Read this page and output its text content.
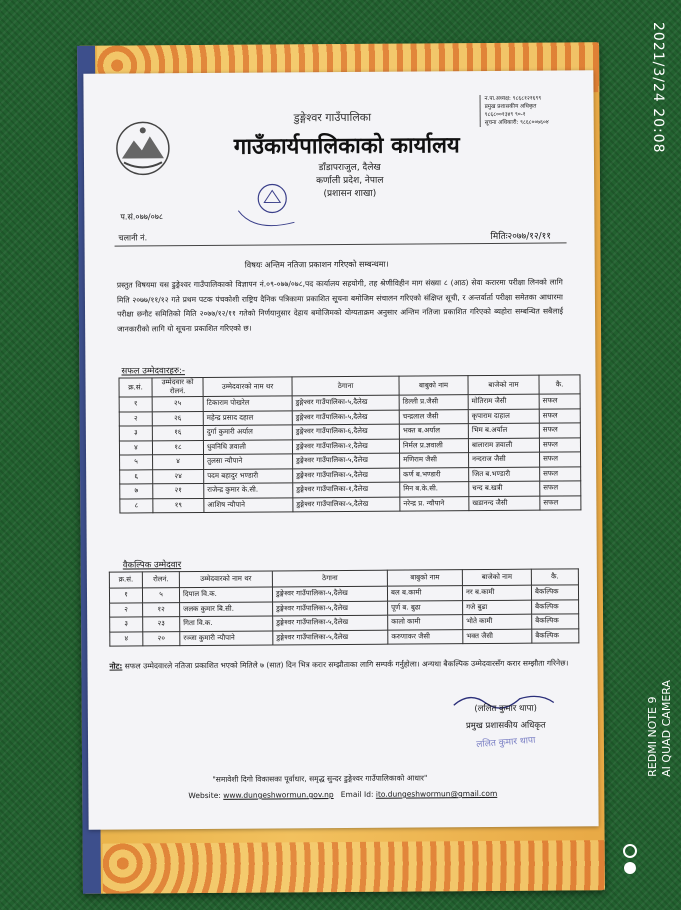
डुङ्गेश्वर गाउँपालिका
गाउँकार्यपालिकाको कार्यालय
डाँडापराजुल, दैलेख
कर्णाली प्रदेश, नेपाल
(प्रशासन शाखा)
न.पा.अध्यक्ष: ९८६८१२१६९९
प्रमुख प्रशासकीय अधिकृत
९८६८००१३४९ ९०-१
सूचना अधिकारी: ९८६८००७६०४
प.सं.०७७/०७८
चलानी नं.	मितिः२०७७/१२/११
विषयः अन्तिम नतिजा प्रकाशन गरिएको सम्बन्धमा।
प्रस्तुत विषयमा यस डुङ्गेश्वर गाउँपालिकाको विज्ञापन नं.०९-०७७/०७८,पद कार्यालय सहयोगी, तह श्रेणीविहीन माग संख्या ८ (आठ) सेवा करारमा परीक्षा लिनको लागि मिति २०७७/११/१२ गते प्रथम पटक पंचकोशी राष्ट्रिय दैनिक पत्रिकामा प्रकाशित सूचना बमोजिम संचालन गरिएको संक्षिप्त सूची, र अन्तर्वार्ता परीक्षा समेतका आधारमा परीक्षा छनौट समितिको मिति २०७७/१२/११ गतेको निर्णयानुसार देहाय बमोजिमको योग्यताक्रम अनुसार अन्तिम नतिजा प्रकाशित गरिएको ब्यहोरा सम्बन्धित सबैलाई जानकारीको लागि यो सूचना प्रकाशित गरिएको छ।
सफल उम्मेदवारहरु:-
क्र.सं.	उम्मेदवार को रोलनं.	उम्मेदवारको नाम थर	ठेगाना	बाबुको नाम	बाजेको नाम	कै.
१	२५	टिकाराम पोखरेल	डुङ्गेश्वर गाउँपालिका-५,दैलेख	डिल्ली प्र.जैसी	मोतिराम जैसी	सफल
२	२६	महेन्द्र प्रसाद दहाल	डुङ्गेश्वर गाउँपालिका-५,दैलेख	चन्द्रलाल जैसी	कृपाराम दाहाल	सफल
३	१६	दुर्गा कुमारी अर्याल	डुङ्गेश्वर गाउँपालिका-६,दैलेख	भक्त ब.अर्याल	भिम ब.अर्याल	सफल
४	१८	धुवनिधि ज्ञवाली	डुङ्गेश्वर गाउँपालिका-१,दैलेख	निर्मल प्र.ज्ञवाली	बालाराम ज्ञवाली	सफल
५	४	तुलसा न्यौपाने	डुङ्गेश्वर गाउँपालिका-५,दैलेख	मणिराम जैसी	नन्दराज जैसी	सफल
६	२४	पदम बहादुर भण्डारी	डुङ्गेश्वर गाउँपालिका-५,दैलेख	कर्ण ब.भण्डारी	जित ब.भण्डारी	सफल
७	२१	राजेन्द्र कुमार के.सी.	डुङ्गेश्वर गाउँपालिका-१,दैलेख	मिन ब.के.सी.	चन्द ब.खत्री	सफल
८	१९	आशिष न्यौपाने	डुङ्गेश्वर गाउँपालिका-५,दैलेख	नरेन्द्र प्र. न्यौपाने	खडानन्द जैसी	सफल
वैकल्पिक उम्मेदवार
क्र.सं.	रोलनं.	उम्मेदवारको नाम थर	ठेगाना	बाबुको नाम	बाजेको नाम	कै.
१	५	दिपाल वि.क.	डुङ्गेश्वर गाउँपालिका-५,दैलेख	बल ब.कामी	नर ब.कामी	बैकल्पिक
२	१२	जलक कुमार बि.सी.	डुङ्गेश्वर गाउँपालिका-५,दैलेख	पूर्ण ब. बुढा	गजे बुढा	बैकल्पिक
३	२३	गिता वि.क.	डुङ्गेश्वर गाउँपालिका-५,दैलेख	कालो कामी	भोते कामी	बैकल्पिक
४	२०	रञ्जा कुमारी न्यौपाने	डुङ्गेश्वर गाउँपालिका-५,दैलेख	करुणाकर जैसी	भक्त जैसी	बैकल्पिक
नोट: सफल उम्मेदवारले नतिजा प्रकाशित भएको मितिले ७ (सात) दिन भित्र करार सम्झौताका लागि सम्पर्क गर्नुहोला। अन्यथा बैकल्पिक उम्मेदवारसँग करार सम्झौता गरिनेछ।
(ललित कुमार थापा)
प्रमुख प्रशासकीय अधिकृत
ललित कुमार थापा
"समावेशी दिगो विकासका पूर्वाधार, समृद्ध सुन्दर डुङ्गेश्वर गाउँपालिकाको आधार"
Website: www.dungeshwormun.gov.np Email Id: ito.dungeshwormun@gmail.com
2021/3/24 20:08
REDMI NOTE 9 AI QUAD CAMERA
